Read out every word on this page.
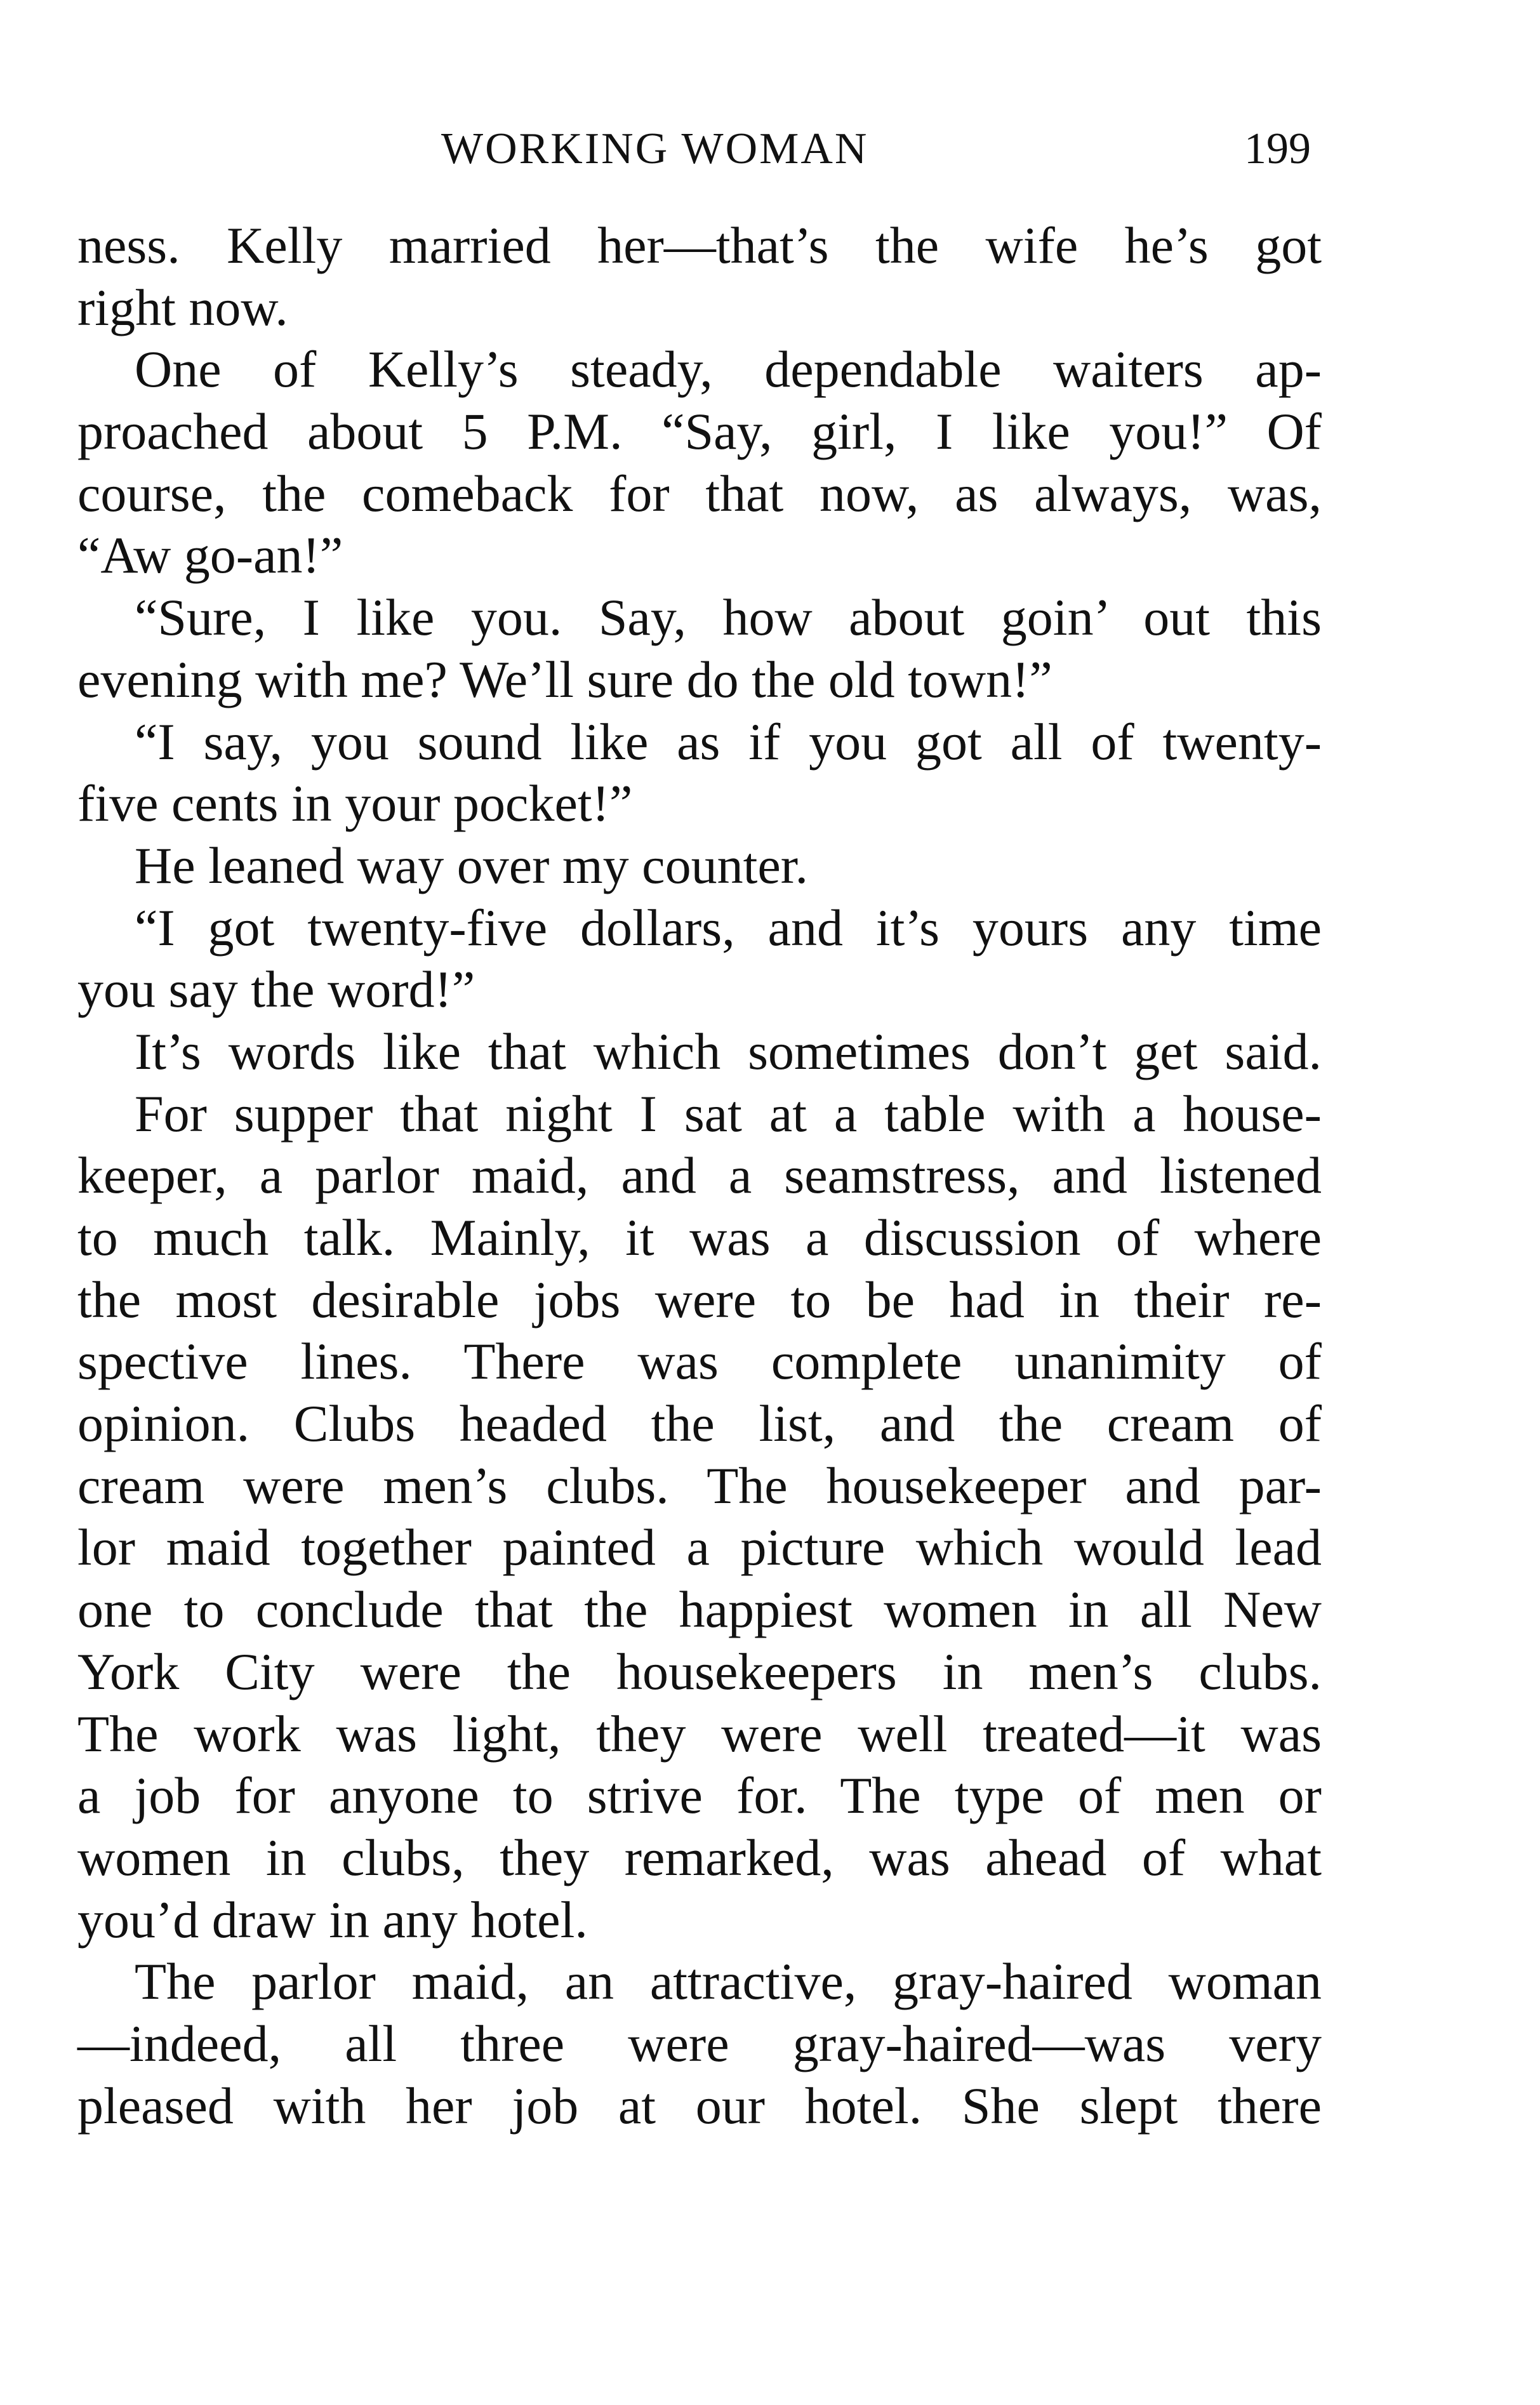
WORKING WOMAN	199
ness. Kelly married her—that’s the wife he’s got
right now.
One of Kelly’s steady, dependable waiters ap-
proached about 5 P.M. “Say, girl, I like you!” Of
course, the comeback for that now, as always, was,
“Aw go-an!”
“Sure, I like you. Say, how about goin’ out this
evening with me? We’ll sure do the old town!”
“I say, you sound like as if you got all of twenty-
five cents in your pocket!”
He leaned way over my counter.
“I got twenty-five dollars, and it’s yours any time
you say the word!”
It’s words like that which sometimes don’t get said.
For supper that night I sat at a table with a house-
keeper, a parlor maid, and a seamstress, and listened
to much talk. Mainly, it was a discussion of where
the most desirable jobs were to be had in their re-
spective lines. There was complete unanimity of
opinion. Clubs headed the list, and the cream of
cream were men’s clubs. The housekeeper and par-
lor maid together painted a picture which would lead
one to conclude that the happiest women in all New
York City were the housekeepers in men’s clubs.
The work was light, they were well treated—it was
a job for anyone to strive for. The type of men or
women in clubs, they remarked, was ahead of what
you’d draw in any hotel.
The parlor maid, an attractive, gray-haired woman
—indeed, all three were gray-haired—was very
pleased with her job at our hotel. She slept there
